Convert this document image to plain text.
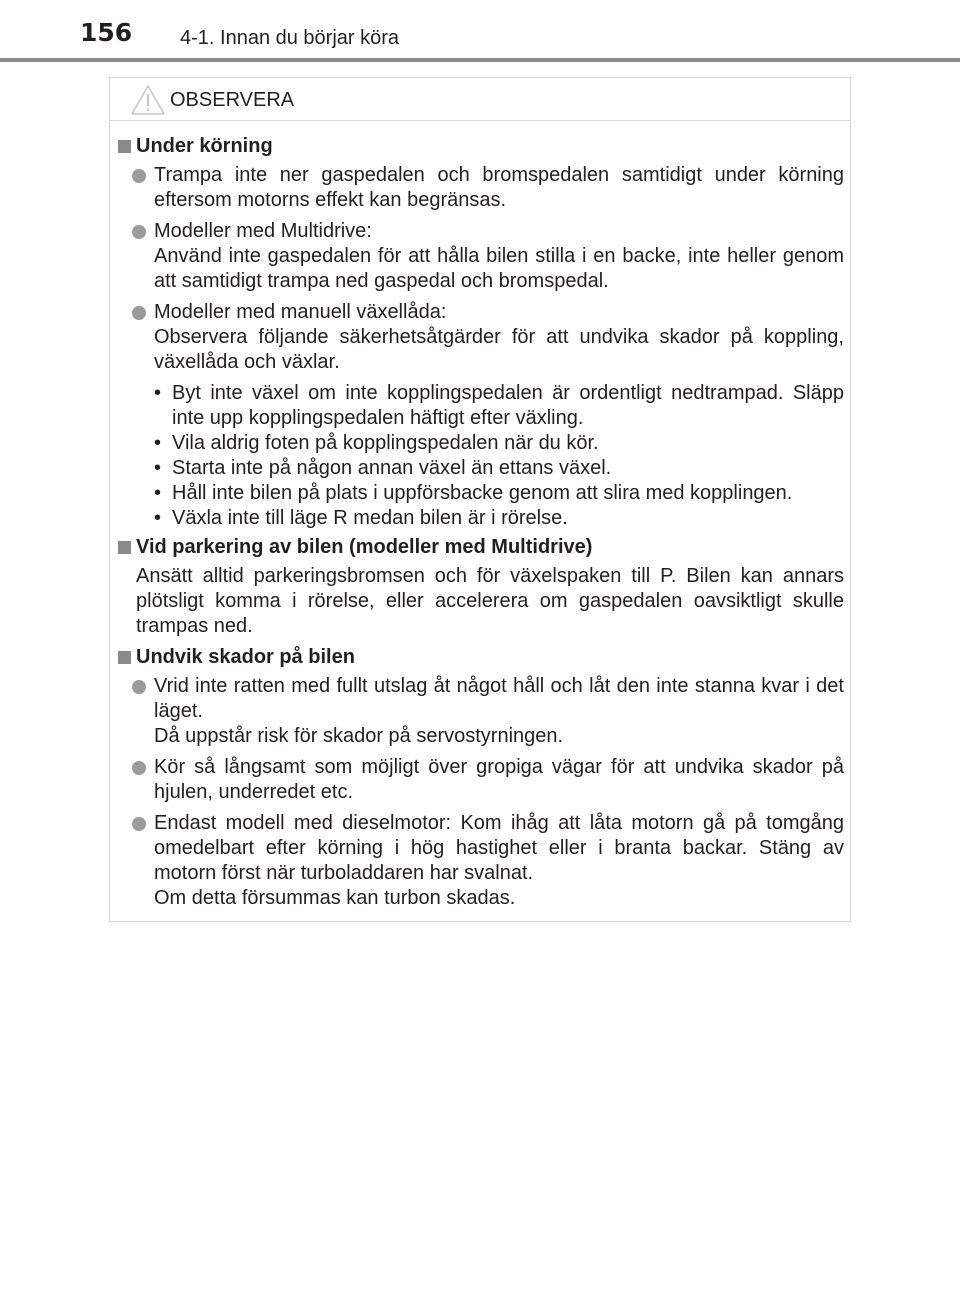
156 4-1. Innan du börjar köra
OBSERVERA
Under körning
Trampa inte ner gaspedalen och bromspedalen samtidigt under körning eftersom motorns effekt kan begränsas.
Modeller med Multidrive:
Använd inte gaspedalen för att hålla bilen stilla i en backe, inte heller genom att samtidigt trampa ned gaspedal och bromspedal.
Modeller med manuell växellåda:
Observera följande säkerhetsåtgärder för att undvika skador på koppling, växellåda och växlar.
• Byt inte växel om inte kopplingspedalen är ordentligt nedtrampad. Släpp inte upp kopplingspedalen häftigt efter växling.
• Vila aldrig foten på kopplingspedalen när du kör.
• Starta inte på någon annan växel än ettans växel.
• Håll inte bilen på plats i uppförsbacke genom att slira med kopplingen.
• Växla inte till läge R medan bilen är i rörelse.
Vid parkering av bilen (modeller med Multidrive)
Ansätt alltid parkeringsbromsen och för växelspaken till P. Bilen kan annars plötsligt komma i rörelse, eller accelerera om gaspedalen oavsiktligt skulle trampas ned.
Undvik skador på bilen
Vrid inte ratten med fullt utslag åt något håll och låt den inte stanna kvar i det läget.
Då uppstår risk för skador på servostyrningen.
Kör så långsamt som möjligt över gropiga vägar för att undvika skador på hjulen, underredet etc.
Endast modell med dieselmotor: Kom ihåg att låta motorn gå på tomgång omedelbart efter körning i hög hastighet eller i branta backar. Stäng av motorn först när turboladdaren har svalnat.
Om detta försummas kan turbon skadas.
